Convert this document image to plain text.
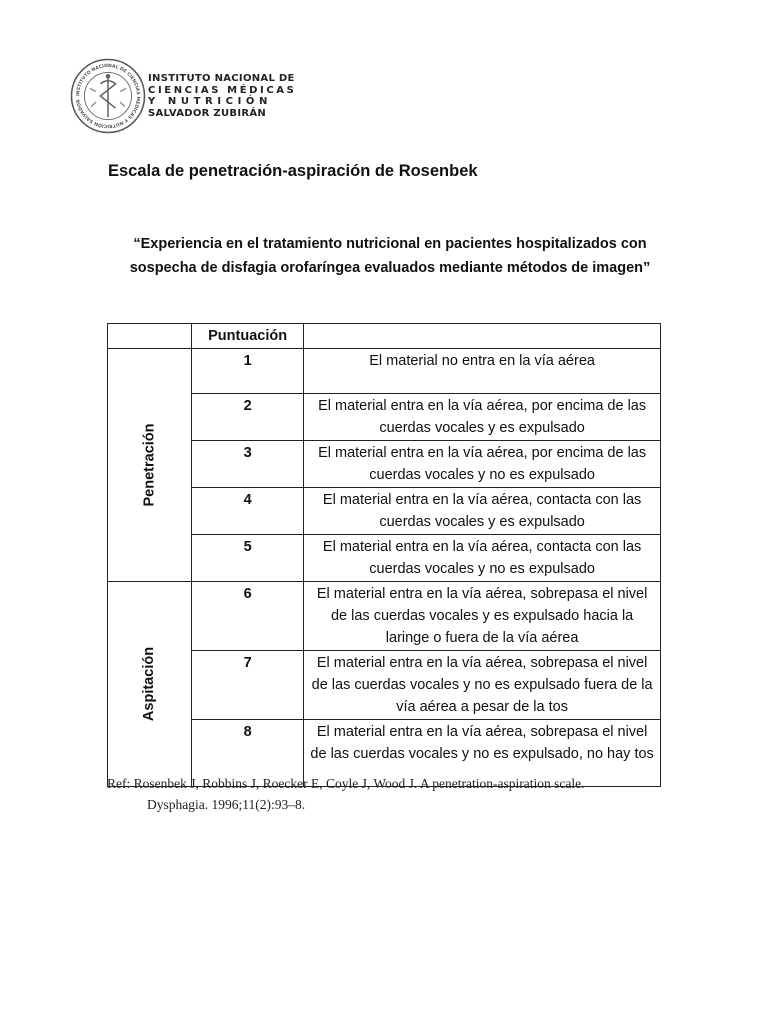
INSTITUTO NACIONAL DE CIENCIAS MÉDICAS Y NUTRICIÓN SALVADOR
INSTITUTO NACIONAL DE
CIENCIAS MÉDICAS
Y NUTRICIÓN
SALVADOR ZUBIRÁN
Escala de penetración-aspiración de Rosenbek
“Experiencia en el tratamiento nutricional en pacientes hospitalizados con
sospecha de disfagia orofaríngea evaluados mediante métodos de imagen”
	Puntuación	
Penetración	1	El material no entra en la vía aérea
	2	El material entra en la vía aérea, por encima de las cuerdas vocales y es expulsado
	3	El material entra en la vía aérea, por encima de las cuerdas vocales y no es expulsado
	4	El material entra en la vía aérea, contacta con las cuerdas vocales y es expulsado
	5	El material entra en la vía aérea, contacta con las cuerdas vocales y no es expulsado
Aspitación	6	El material entra en la vía aérea, sobrepasa el nivel de las cuerdas vocales y es expulsado hacia la laringe o fuera de la vía aérea
	7	El material entra en la vía aérea, sobrepasa el nivel de las cuerdas vocales y no es expulsado fuera de la vía aérea a pesar de la tos
	8	El material entra en la vía aérea, sobrepasa el nivel de las cuerdas vocales y no es expulsado, no hay tos
Ref: Rosenbek J, Robbins J, Roecker E, Coyle J, Wood J. A penetration-aspiration scale.
Dysphagia. 1996;11(2):93–8.
